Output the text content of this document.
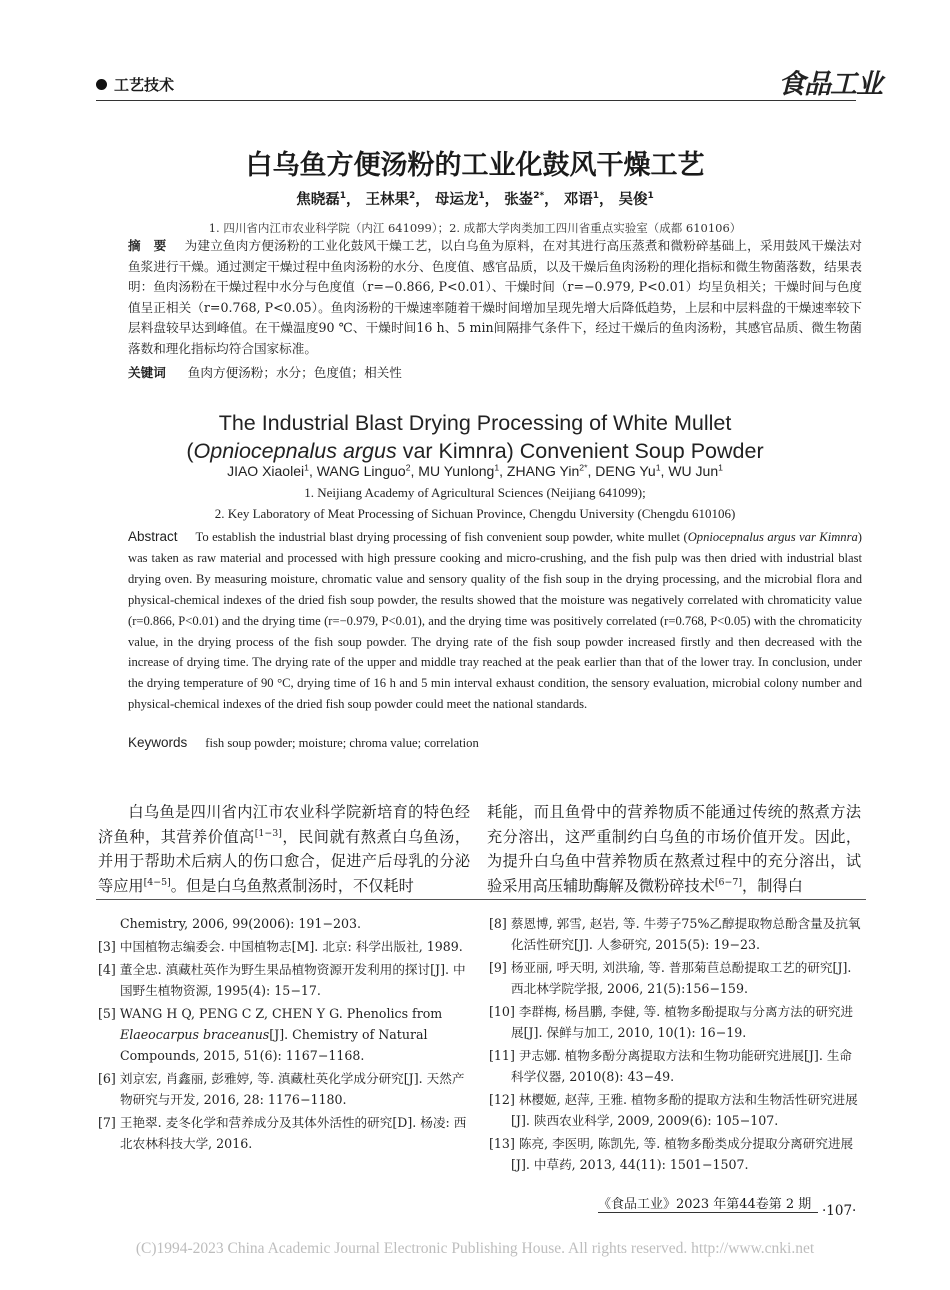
工艺技术	食品工业
白乌鱼方便汤粉的工业化鼓风干燥工艺
焦晓磊$^1$， 王林果$^2$， 母运龙$^1$， 张崟$^{2*}$， 邓语$^1$， 吴俊$^1$
1. 四川省内江市农业科学院（内江 641099）；2. 成都大学肉类加工四川省重点实验室（成都 610106）
摘　要 为建立鱼肉方便汤粉的工业化鼓风干燥工艺，以白乌鱼为原料，在对其进行高压蒸煮和微粉碎基础上，采用鼓风干燥法对鱼浆进行干燥。通过测定干燥过程中鱼肉汤粉的水分、色度值、感官品质，以及干燥后鱼肉汤粉的理化指标和微生物菌落数，结果表明：鱼肉汤粉在干燥过程中水分与色度值（r=−0.866, P<0.01）、干燥时间（r=−0.979, P<0.01）均呈负相关；干燥时间与色度值呈正相关（r=0.768, P<0.05）。鱼肉汤粉的干燥速率随着干燥时间增加呈现先增大后降低趋势，上层和中层料盘的干燥速率较下层料盘较早达到峰值。在干燥温度90 ℃、干燥时间16 h、5 min间隔排气条件下，经过干燥后的鱼肉汤粉，其感官品质、微生物菌落数和理化指标均符合国家标准。
关键词 鱼肉方便汤粉；水分；色度值；相关性
The Industrial Blast Drying Processing of White Mullet
(Opniocepnalus argus var Kimnra) Convenient Soup Powder
JIAO Xiaolei$^1$, WANG Linguo$^2$, MU Yunlong$^1$, ZHANG Yin$^{2*}$, DENG Yu$^1$, WU Jun$^1$
1. Neijiang Academy of Agricultural Sciences (Neijiang 641099);
2. Key Laboratory of Meat Processing of Sichuan Province, Chengdu University (Chengdu 610106)
Abstract To establish the industrial blast drying processing of fish convenient soup powder, white mullet (Opniocepnalus argus var Kimnra) was taken as raw material and processed with high pressure cooking and micro-crushing, and the fish pulp was then dried with industrial blast drying oven. By measuring moisture, chromatic value and sensory quality of the fish soup in the drying processing, and the microbial flora and physical-chemical indexes of the dried fish soup powder, the results showed that the moisture was negatively correlated with chromaticity value (r=0.866, P<0.01) and the drying time (r=−0.979, P<0.01), and the drying time was positively correlated (r=0.768, P<0.05) with the chromaticity value, in the drying process of the fish soup powder. The drying rate of the fish soup powder increased firstly and then decreased with the increase of drying time. The drying rate of the upper and middle tray reached at the peak earlier than that of the lower tray. In conclusion, under the drying temperature of 90 °C, drying time of 16 h and 5 min interval exhaust condition, the sensory evaluation, microbial colony number and physical-chemical indexes of the dried fish soup powder could meet the national standards.
Keywords fish soup powder; moisture; chroma value; correlation
白乌鱼是四川省内江市农业科学院新培育的特色经济鱼种，其营养价值高[1−3]，民间就有熬煮白乌鱼汤，并用于帮助术后病人的伤口愈合，促进产后母乳的分泌等应用[4−5]。但是白乌鱼熬煮制汤时，不仅耗时
耗能，而且鱼骨中的营养物质不能通过传统的熬煮方法充分溶出，这严重制约白乌鱼的市场价值开发。因此，为提升白乌鱼中营养物质在熬煮过程中的充分溶出，试验采用高压辅助酶解及微粉碎技术[6−7]，制得白
Chemistry, 2006, 99(2006): 191−203.
[3] 中国植物志编委会. 中国植物志[M]. 北京: 科学出版社, 1989.
[4] 董全忠. 滇藏杜英作为野生果品植物资源开发利用的探讨[J]. 中国野生植物资源, 1995(4): 15−17.
[5] WANG H Q, PENG C Z, CHEN Y G. Phenolics from Elaeocarpus braceanus[J]. Chemistry of Natural Compounds, 2015, 51(6): 1167−1168.
[6] 刘京宏, 肖鑫丽, 彭雅婷, 等. 滇藏杜英化学成分研究[J]. 天然产物研究与开发, 2016, 28: 1176−1180.
[7] 王艳翠. 麦冬化学和营养成分及其体外活性的研究[D]. 杨凌: 西北农林科技大学, 2016.
[8] 蔡恩博, 郭雪, 赵岩, 等. 牛蒡子75%乙醇提取物总酚含量及抗氧化活性研究[J]. 人参研究, 2015(5): 19−23.
[9] 杨亚丽, 呼天明, 刘洪瑜, 等. 普那菊苣总酚提取工艺的研究[J]. 西北林学院学报, 2006, 21(5):156−159.
[10] 李群梅, 杨昌鹏, 李健, 等. 植物多酚提取与分离方法的研究进展[J]. 保鲜与加工, 2010, 10(1): 16−19.
[11] 尹志娜. 植物多酚分离提取方法和生物功能研究进展[J]. 生命科学仪器, 2010(8): 43−49.
[12] 林樱姬, 赵萍, 王雅. 植物多酚的提取方法和生物活性研究进展[J]. 陕西农业科学, 2009, 2009(6): 105−107.
[13] 陈亮, 李医明, 陈凯先, 等. 植物多酚类成分提取分离研究进展[J]. 中草药, 2013, 44(11): 1501−1507.
《食品工业》2023 年第44卷第 2 期 ·107·
(C)1994-2023 China Academic Journal Electronic Publishing House. All rights reserved. http://www.cnki.net
